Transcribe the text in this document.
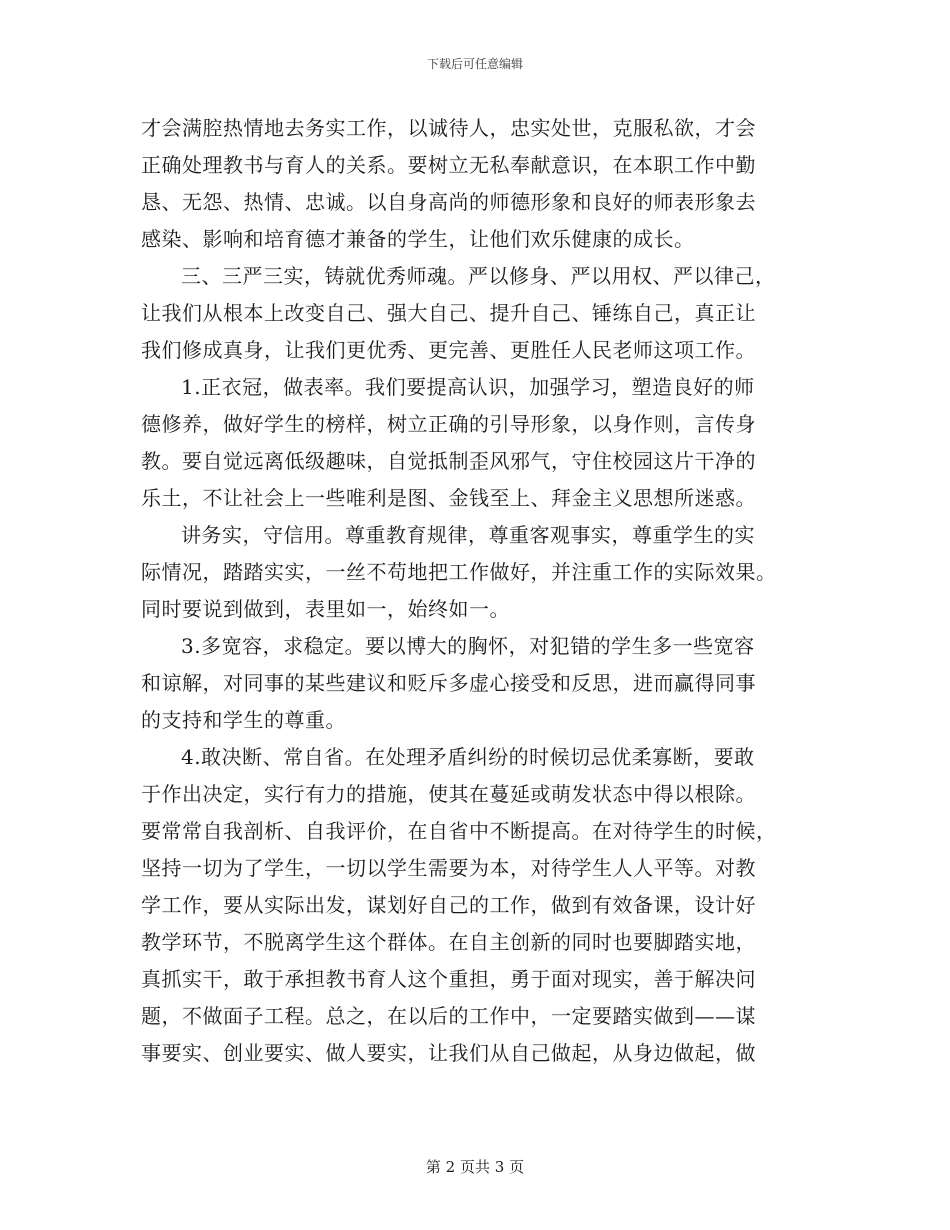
下载后可任意编辑
才会满腔热情地去务实工作，以诚待人，忠实处世，克服私欲，才会
正确处理教书与育人的关系。要树立无私奉献意识，在本职工作中勤
恳、无怨、热情、忠诚。以自身高尚的师德形象和良好的师表形象去
感染、影响和培育德才兼备的学生，让他们欢乐健康的成长。
三、三严三实，铸就优秀师魂。严以修身、严以用权、严以律己，
让我们从根本上改变自己、强大自己、提升自己、锤练自己，真正让
我们修成真身，让我们更优秀、更完善、更胜任人民老师这项工作。
1.正衣冠，做表率。我们要提高认识，加强学习，塑造良好的师
德修养，做好学生的榜样，树立正确的引导形象，以身作则，言传身
教。要自觉远离低级趣味，自觉抵制歪风邪气，守住校园这片干净的
乐土，不让社会上一些唯利是图、金钱至上、拜金主义思想所迷惑。
讲务实，守信用。尊重教育规律，尊重客观事实，尊重学生的实
际情况，踏踏实实，一丝不苟地把工作做好，并注重工作的实际效果。
同时要说到做到，表里如一，始终如一。
3.多宽容，求稳定。要以博大的胸怀，对犯错的学生多一些宽容
和谅解，对同事的某些建议和贬斥多虚心接受和反思，进而赢得同事
的支持和学生的尊重。
4.敢决断、常自省。在处理矛盾纠纷的时候切忌优柔寡断，要敢
于作出决定，实行有力的措施，使其在蔓延或萌发状态中得以根除。
要常常自我剖析、自我评价，在自省中不断提高。在对待学生的时候，
坚持一切为了学生，一切以学生需要为本，对待学生人人平等。对教
学工作，要从实际出发，谋划好自己的工作，做到有效备课，设计好
教学环节，不脱离学生这个群体。在自主创新的同时也要脚踏实地，
真抓实干，敢于承担教书育人这个重担，勇于面对现实，善于解决问
题，不做面子工程。总之，在以后的工作中，一定要踏实做到——谋
事要实、创业要实、做人要实，让我们从自己做起，从身边做起，做
第 2 页共 3 页
